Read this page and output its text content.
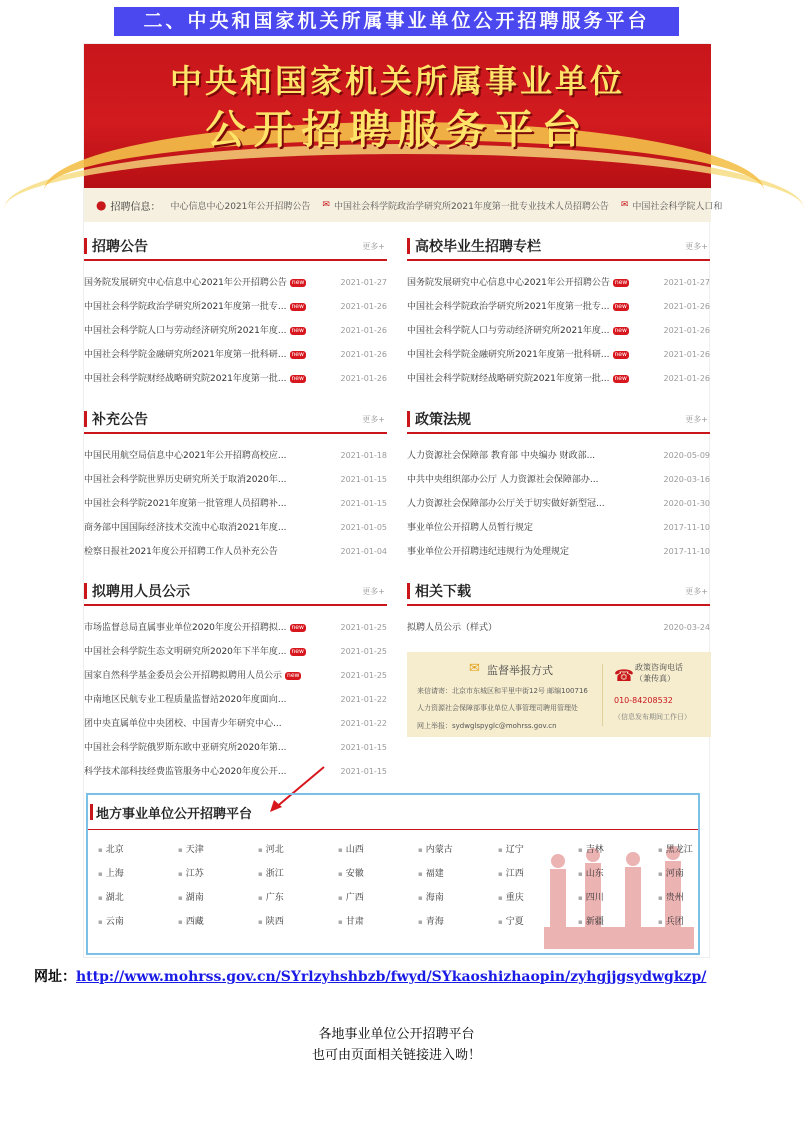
二、中央和国家机关所属事业单位公开招聘服务平台
中央和国家机关所属事业单位
公开招聘服务平台
● 招聘信息： 中心信息中心2021年公开招聘公告 ✉ 中国社会科学院政治学研究所2021年度第一批专业技术人员招聘公告 ✉ 中国社会科学院人口和
招聘公告	更多+
国务院发展研究中心信息中心2021年公开招聘公告 new	2021-01-27
中国社会科学院政治学研究所2021年度第一批专... new	2021-01-26
中国社会科学院人口与劳动经济研究所2021年度... new	2021-01-26
中国社会科学院金融研究所2021年度第一批科研... new	2021-01-26
中国社会科学院财经战略研究院2021年度第一批... new	2021-01-26
高校毕业生招聘专栏	更多+
国务院发展研究中心信息中心2021年公开招聘公告 new	2021-01-27
中国社会科学院政治学研究所2021年度第一批专... new	2021-01-26
中国社会科学院人口与劳动经济研究所2021年度... new	2021-01-26
中国社会科学院金融研究所2021年度第一批科研... new	2021-01-26
中国社会科学院财经战略研究院2021年度第一批... new	2021-01-26
补充公告	更多+
中国民用航空局信息中心2021年公开招聘高校应...	2021-01-18
中国社会科学院世界历史研究所关于取消2020年...	2021-01-15
中国社会科学院2021年度第一批管理人员招聘补...	2021-01-15
商务部中国国际经济技术交流中心取消2021年度...	2021-01-05
检察日报社2021年度公开招聘工作人员补充公告	2021-01-04
政策法规	更多+
人力资源社会保障部 教育部 中央编办 财政部...	2020-05-09
中共中央组织部办公厅 人力资源社会保障部办...	2020-03-16
人力资源社会保障部办公厅关于切实做好新型冠...	2020-01-30
事业单位公开招聘人员暂行规定	2017-11-10
事业单位公开招聘违纪违规行为处理规定	2017-11-10
拟聘用人员公示	更多+
市场监督总局直属事业单位2020年度公开招聘拟... new	2021-01-25
中国社会科学院生态文明研究所2020年下半年度... new	2021-01-25
国家自然科学基金委员会公开招聘拟聘用人员公示 new	2021-01-25
中南地区民航专业工程质量监督站2020年度面向...	2021-01-22
团中央直属单位中央团校、中国青少年研究中心...	2021-01-22
中国社会科学院俄罗斯东欧中亚研究所2020年第...	2021-01-15
科学技术部科技经费监管服务中心2020年度公开...	2021-01-15
相关下载	更多+
拟聘人员公示（样式）	2020-03-24
✉ 监督举报方式
来信请寄：北京市东城区和平里中街12号 邮编100716
人力资源社会保障部事业单位人事管理司聘用管理处
网上举报：sydwglspyglc@mohrss.gov.cn
☎ 政策咨询电话
（兼传真）
010-84208532
（信息发布期间工作日）
地方事业单位公开招聘平台
▪ 北京	▪ 天津	▪ 河北	▪ 山西	▪ 内蒙古	▪ 辽宁	▪ 吉林	▪ 黑龙江
▪ 上海	▪ 江苏	▪ 浙江	▪ 安徽	▪ 福建	▪ 江西	▪ 山东	▪ 河南
▪ 湖北	▪ 湖南	▪ 广东	▪ 广西	▪ 海南	▪ 重庆	▪ 四川	▪ 贵州
▪ 云南	▪ 西藏	▪ 陕西	▪ 甘肃	▪ 青海	▪ 宁夏	▪ 新疆	▪ 兵团
网址：http://www.mohrss.gov.cn/SYrlzyhshbzb/fwyd/SYkaoshizhaopin/zyhgjjgsydwgkzp/
各地事业单位公开招聘平台
也可由页面相关链接进入呦！
